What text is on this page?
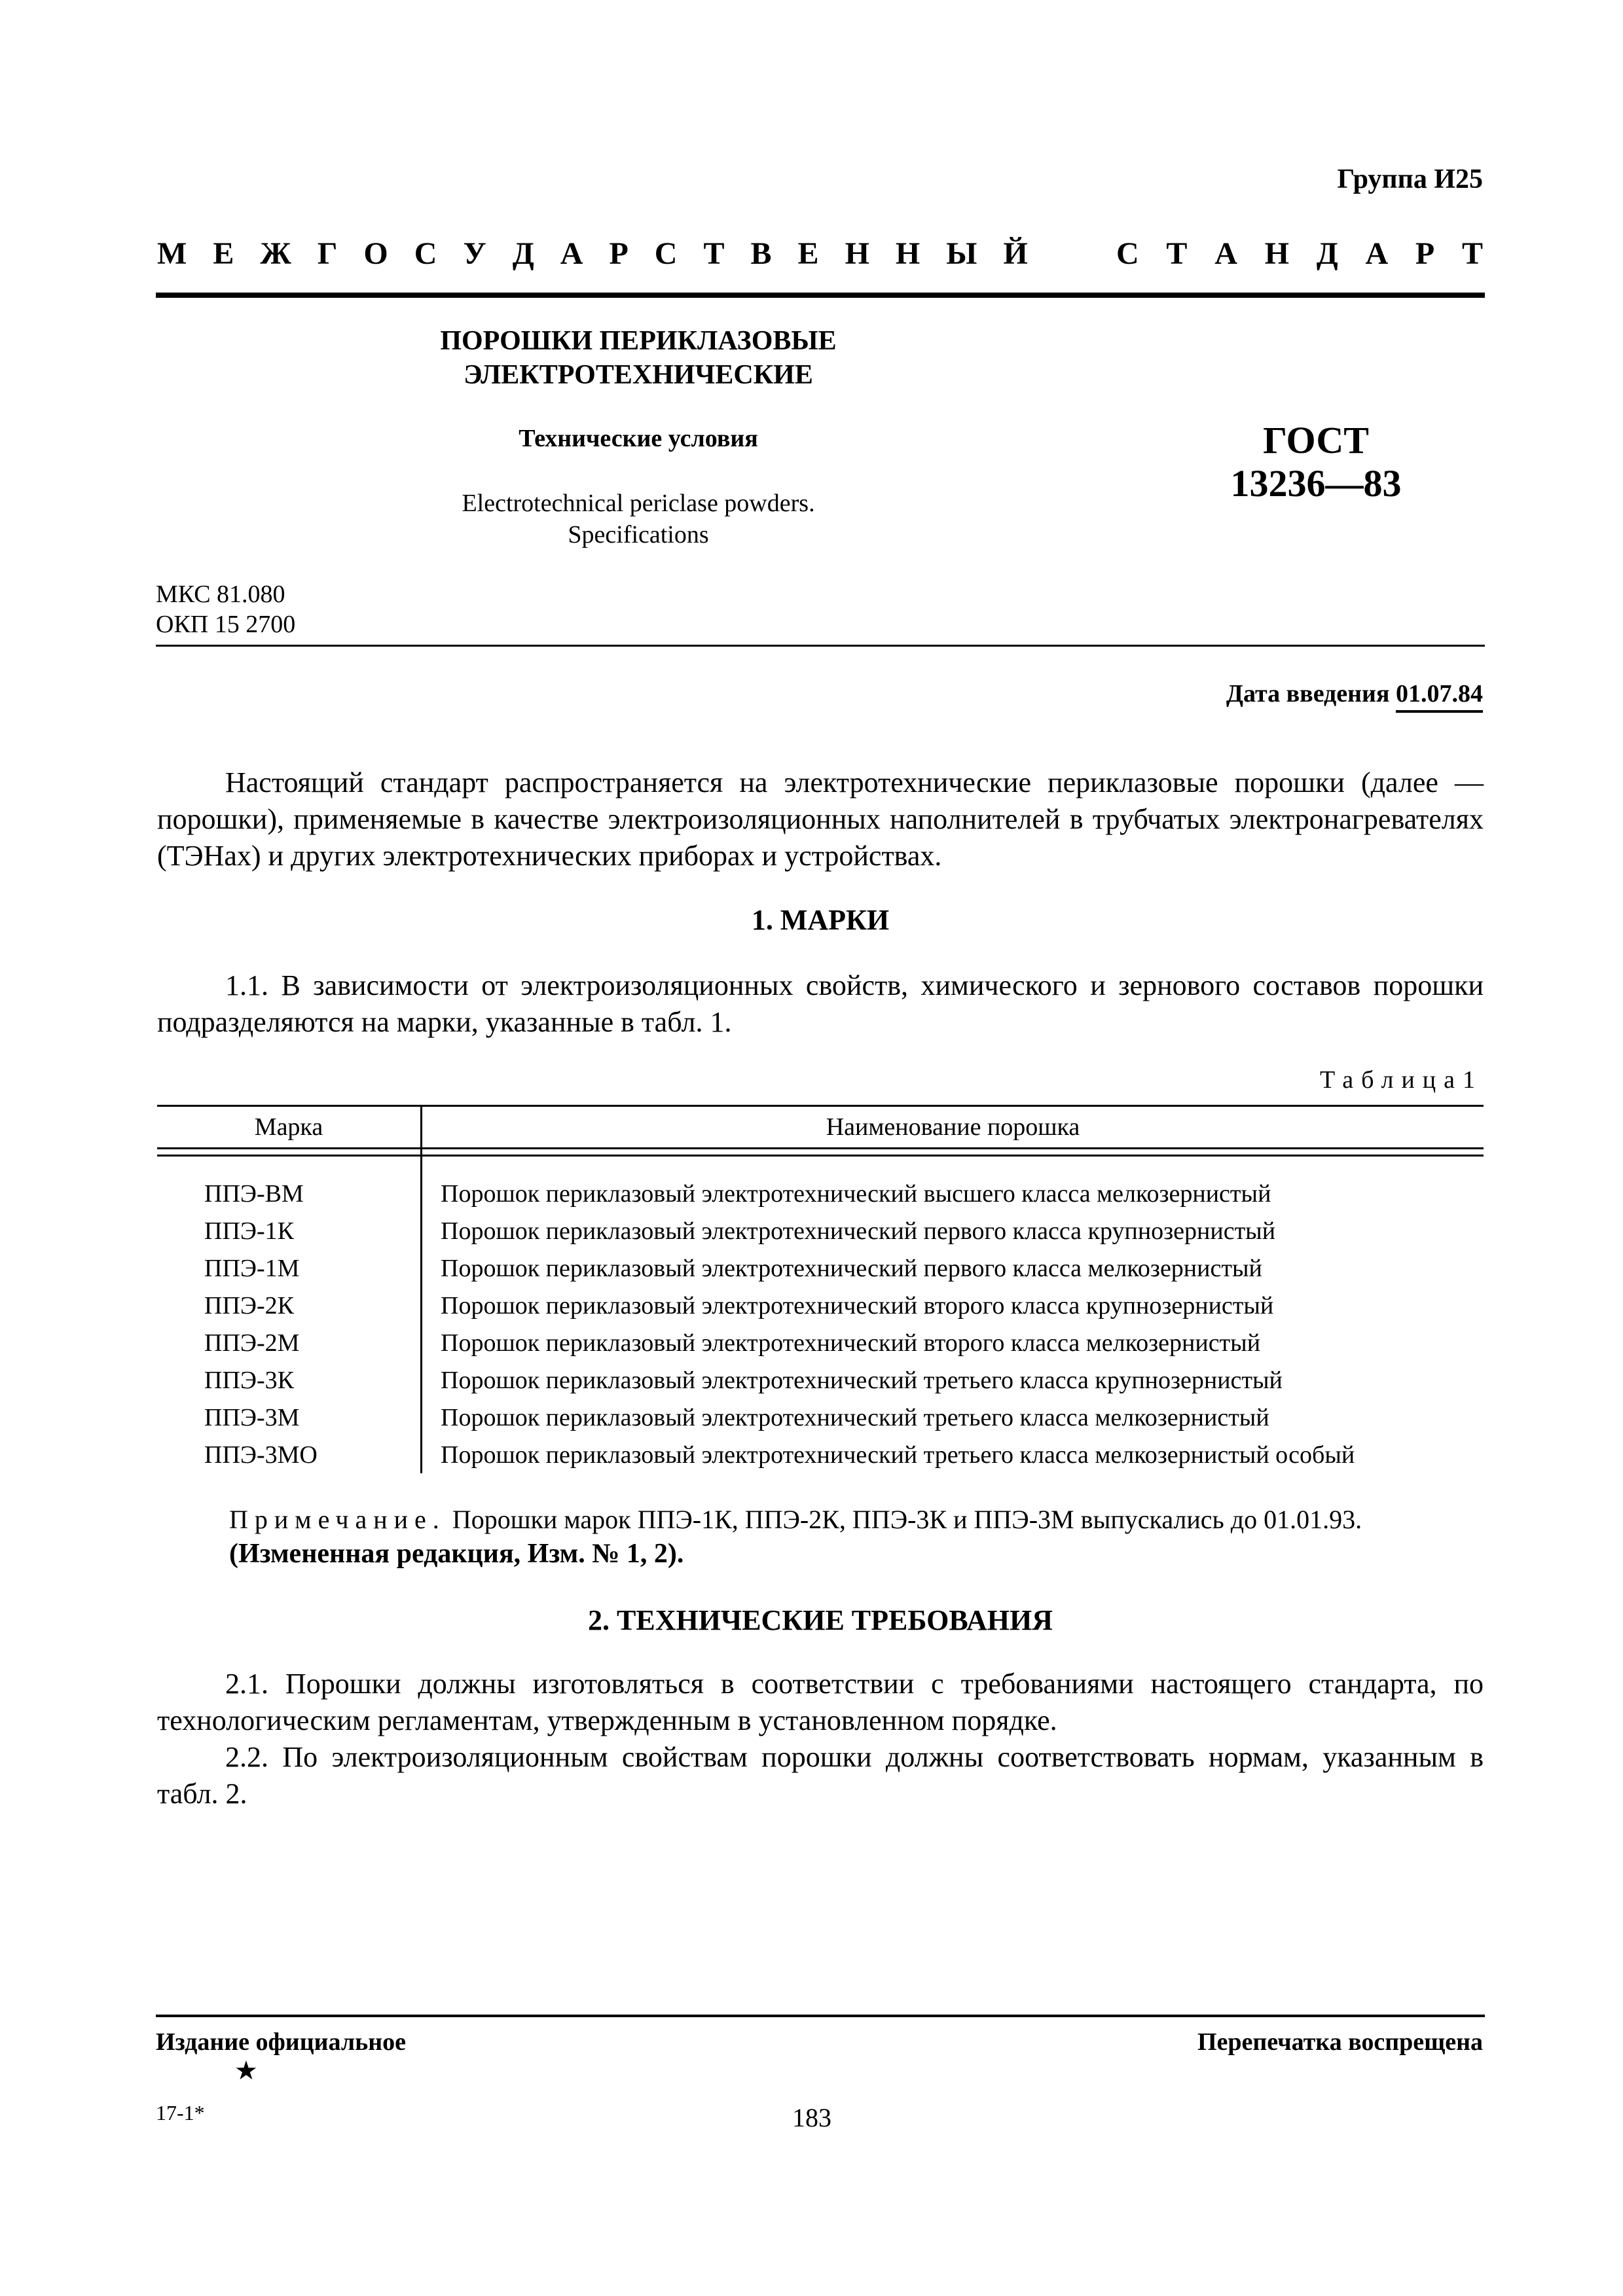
Группа И25
М Е Ж Г О С У Д А Р С Т В Е Н Н Ы Й	С Т А Н Д А Р Т
ПОРОШКИ ПЕРИКЛАЗОВЫЕ
ЭЛЕКТРОТЕХНИЧЕСКИЕ
Технические условия
Electrotechnical periclase powders.
Specifications
ГОСТ
13236—83
МКС 81.080
ОКП 15 2700
Дата введения 01.07.84
Настоящий стандарт распространяется на электротехнические периклазовые порошки (далее — порошки), применяемые в качестве электроизоляционных наполнителей в трубчатых электронагревателях (ТЭНах) и других электротехнических приборах и устройствах.
1. МАРКИ
1.1. В зависимости от электроизоляционных свойств, химического и зернового составов порошки подразделяются на марки, указанные в табл. 1.
Таблица1
Марка	Наименование порошка

ППЭ-ВМ	Порошок периклазовый электротехнический высшего класса мелкозернистый
ППЭ-1К	Порошок периклазовый электротехнический первого класса крупнозернистый
ППЭ-1М	Порошок периклазовый электротехнический первого класса мелкозернистый
ППЭ-2К	Порошок периклазовый электротехнический второго класса крупнозернистый
ППЭ-2М	Порошок периклазовый электротехнический второго класса мелкозернистый
ППЭ-3К	Порошок периклазовый электротехнический третьего класса крупнозернистый
ППЭ-3М	Порошок периклазовый электротехнический третьего класса мелкозернистый
ППЭ-3МО	Порошок периклазовый электротехнический третьего класса мелкозернистый особый
Примечание. Порошки марок ППЭ-1К, ППЭ-2К, ППЭ-3К и ППЭ-3М выпускались до 01.01.93.
(Измененная редакция, Изм. № 1, 2).
2. ТЕХНИЧЕСКИЕ ТРЕБОВАНИЯ
2.1. Порошки должны изготовляться в соответствии с требованиями настоящего стандарта, по технологическим регламентам, утвержденным в установленном порядке.
2.2. По электроизоляционным свойствам порошки должны соответствовать нормам, указанным в табл. 2.
Издание официальное	Перепечатка воспрещена
★
17-1*	183
